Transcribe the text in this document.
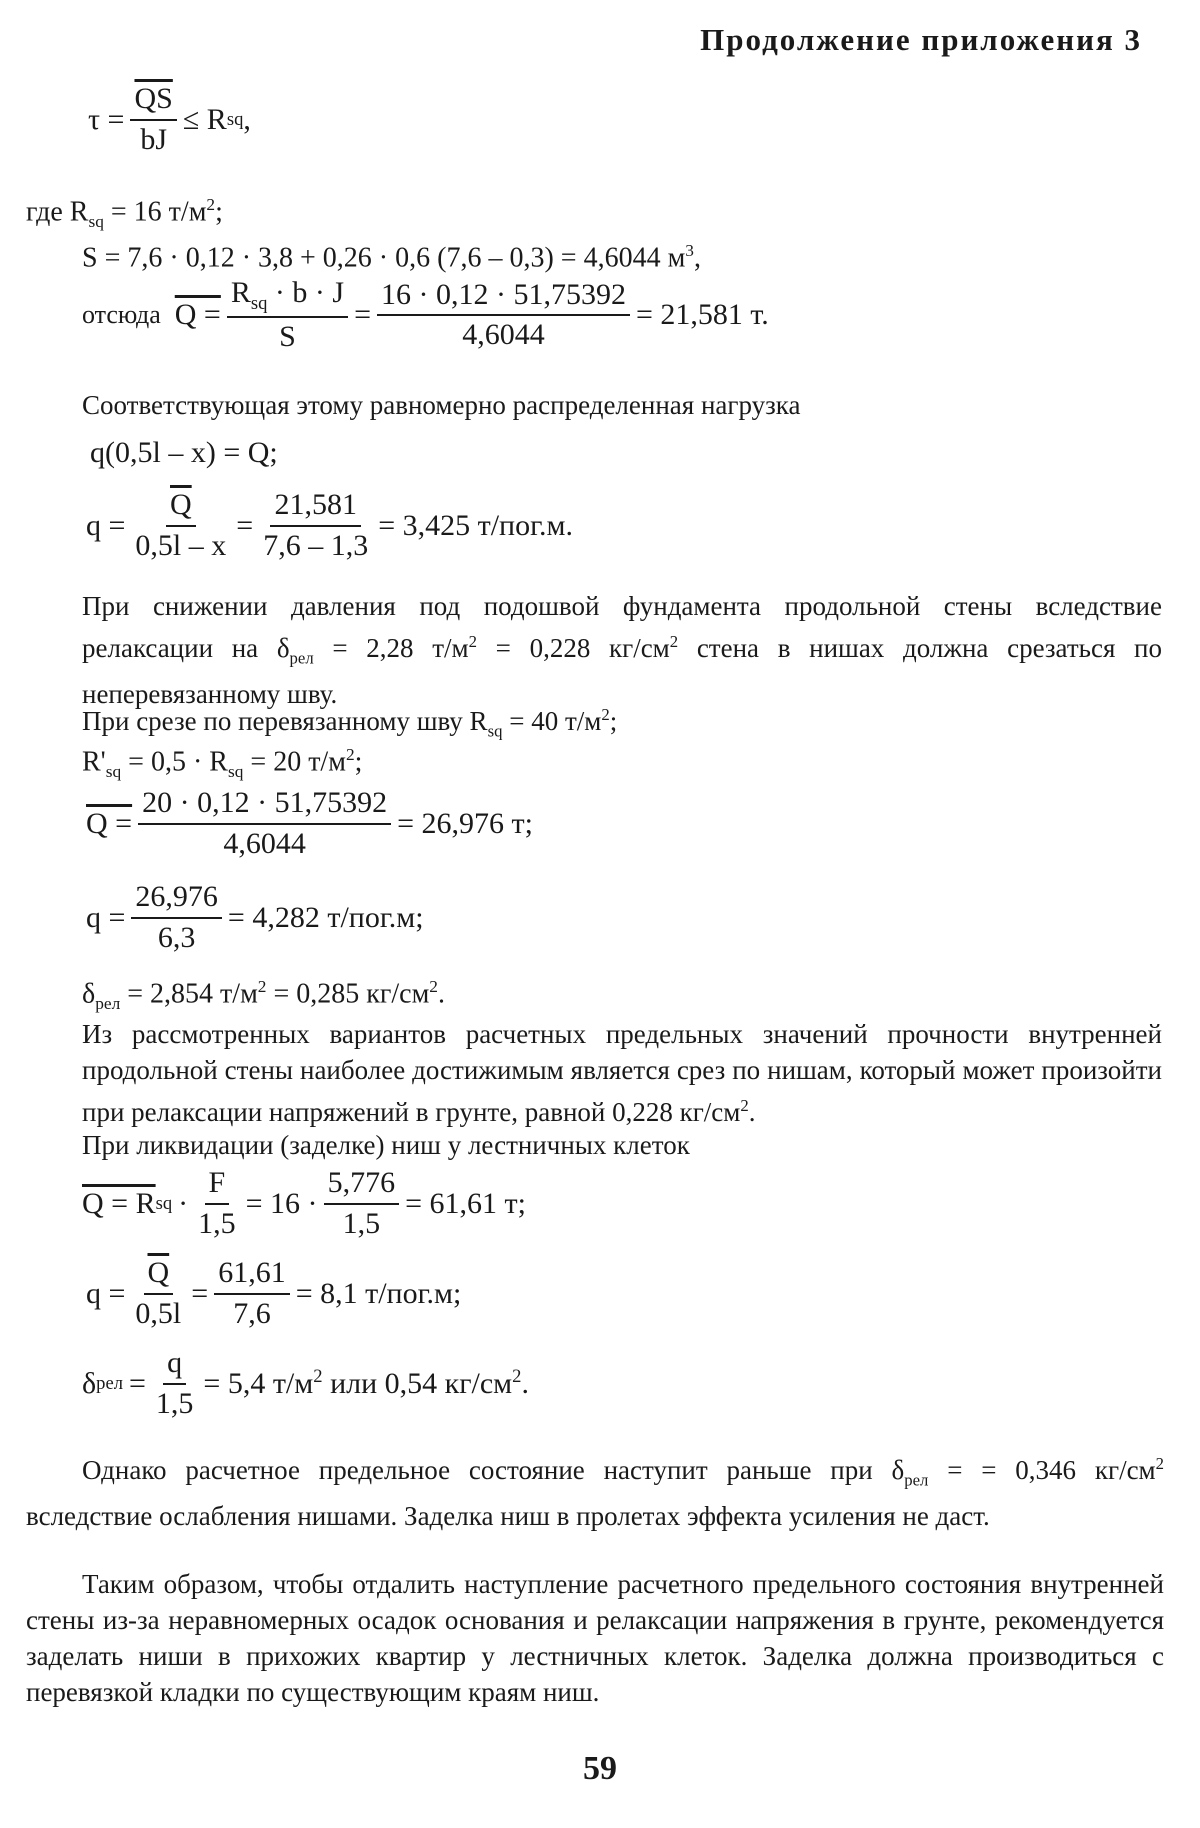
Продолжение приложения 3
$\tau = \frac{\overline{QS}}{bJ} \le R$ sq ,
где $R_{sq} = 16$ $т/м^2$;
S = 7,6 · 0,12 · 3,8 + 0,26 · 0,6 (7,6 – 0,3) = 4,6044 $м^3$,
отсюда $Q = \frac{R_{sq} \cdot b \cdot J}{S} = \frac{16 \cdot 0,12 \cdot 51,75392}{4,6044} = 21,581$ т.
Соответствующая этому равномерно распределенная нагрузка
q(0,5l – x) = Q;
$q = \frac{\overline{Q}}{0,5l - x} = \frac{21,581}{7,6 - 1,3} = 3,425$ т/пог.м.

При снижении давления под подошвой фундамента продольной стены вследствие релаксации на $\delta_{рел} = 2,28$ $т/м^2 = 0,228$ $кг/см^2$ стена в нишах должна срезаться по неперевязанному шву.

При срезе по перевязанному шву $R_{sq} = 40$ $т/м^2$;
$R'_{sq} = 0,5 \cdot R_{sq} = 20$ $т/м^2$;
$Q = \frac{20 \cdot 0,12 \cdot 51,75392}{4,6044} = 26,976$ т;
$q = \frac{26,976}{6,3} = 4,282$ т/пог.м;
$\delta_{рел} = 2,854$ $т/м^2 = 0,285$ $кг/см^2$.

Из рассмотренных вариантов расчетных предельных значений прочности внутренней продольной стены наиболее достижимым является срез по нишам, который может произойти при релаксации напряжений в грунте, равной 0,228 $кг/см^2$.

При ликвидации (заделке) ниш у лестничных клеток
Q = R sq · $\frac{F}{1,5} = 16 \cdot \frac{5,776}{1,5} = 61,61$ т;
$q = \frac{\overline{Q}}{0,5l} = \frac{61,61}{7,6} = 8,1$ т/пог.м;
δ рел = $\frac{q}{1,5} = 5,4$ $т/м^2$ или 0,54 $кг/см^2$.

Однако расчетное предельное состояние наступит раньше при $\delta_{рел}$ = = 0,346 $кг/см^2$ вследствие ослабления нишами. Заделка ниш в пролетах эффекта усиления не даст.

Таким образом, чтобы отдалить наступление расчетного предельного состояния внутренней стены из-за неравномерных осадок основания и релаксации напряжения в грунте, рекомендуется заделать ниши в прихожих квартир у лестничных клеток. Заделка должна производиться с перевязкой кладки по существующим краям ниш.

59
